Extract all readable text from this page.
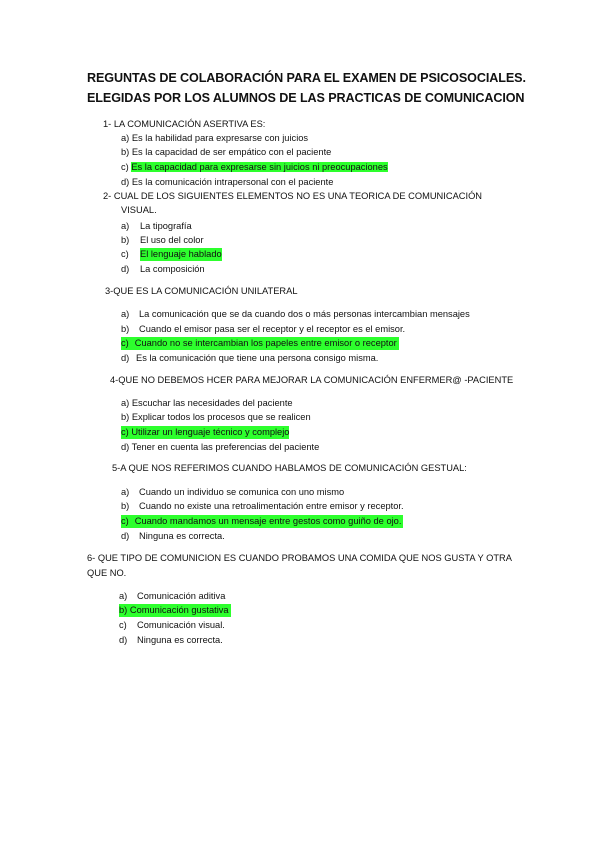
REGUNTAS DE COLABORACIÓN PARA EL EXAMEN DE PSICOSOCIALES.
ELEGIDAS POR LOS ALUMNOS DE LAS PRACTICAS DE COMUNICACION
1- LA COMUNICACIÓN ASERTIVA ES:
a) Es la habilidad para expresarse con juicios
b) Es la capacidad de ser empático con el paciente
c) Es la capacidad para expresarse sin juicios ni preocupaciones
d) Es la comunicación intrapersonal con el paciente
2- CUAL DE LOS SIGUIENTES ELEMENTOS NO ES UNA TEORICA DE COMUNICACIÓN
VISUAL.
a) La tipografía
b) El uso del color
c) El lenguaje hablado
d) La composición
3-QUE ES LA COMUNICACIÓN UNILATERAL
a) La comunicación que se da cuando dos o más personas intercambian mensajes
b) Cuando el emisor pasa ser el receptor y el receptor es el emisor.
c) Cuando no se intercambian los papeles entre emisor o receptor
d) Es la comunicación que tiene una persona consigo misma.
4-QUE NO DEBEMOS HCER PARA MEJORAR LA COMUNICACIÓN ENFERMER@ -PACIENTE
a) Escuchar las necesidades del paciente
b) Explicar todos los procesos que se realicen
c) Utilizar un lenguaje técnico y complejo
d) Tener en cuenta las preferencias del paciente
5-A QUE NOS REFERIMOS CUANDO HABLAMOS DE COMUNICACIÓN GESTUAL:
a) Cuando un individuo se comunica con uno mismo
b) Cuando no existe una retroalimentación entre emisor y receptor.
c) Cuando mandamos un mensaje entre gestos como guiño de ojo.
d) Ninguna es correcta.
6- QUE TIPO DE COMUNICION ES CUANDO PROBAMOS UNA COMIDA QUE NOS GUSTA Y OTRA
QUE NO.
a) Comunicación aditiva
b) Comunicación gustativa
c) Comunicación visual.
d) Ninguna es correcta.
